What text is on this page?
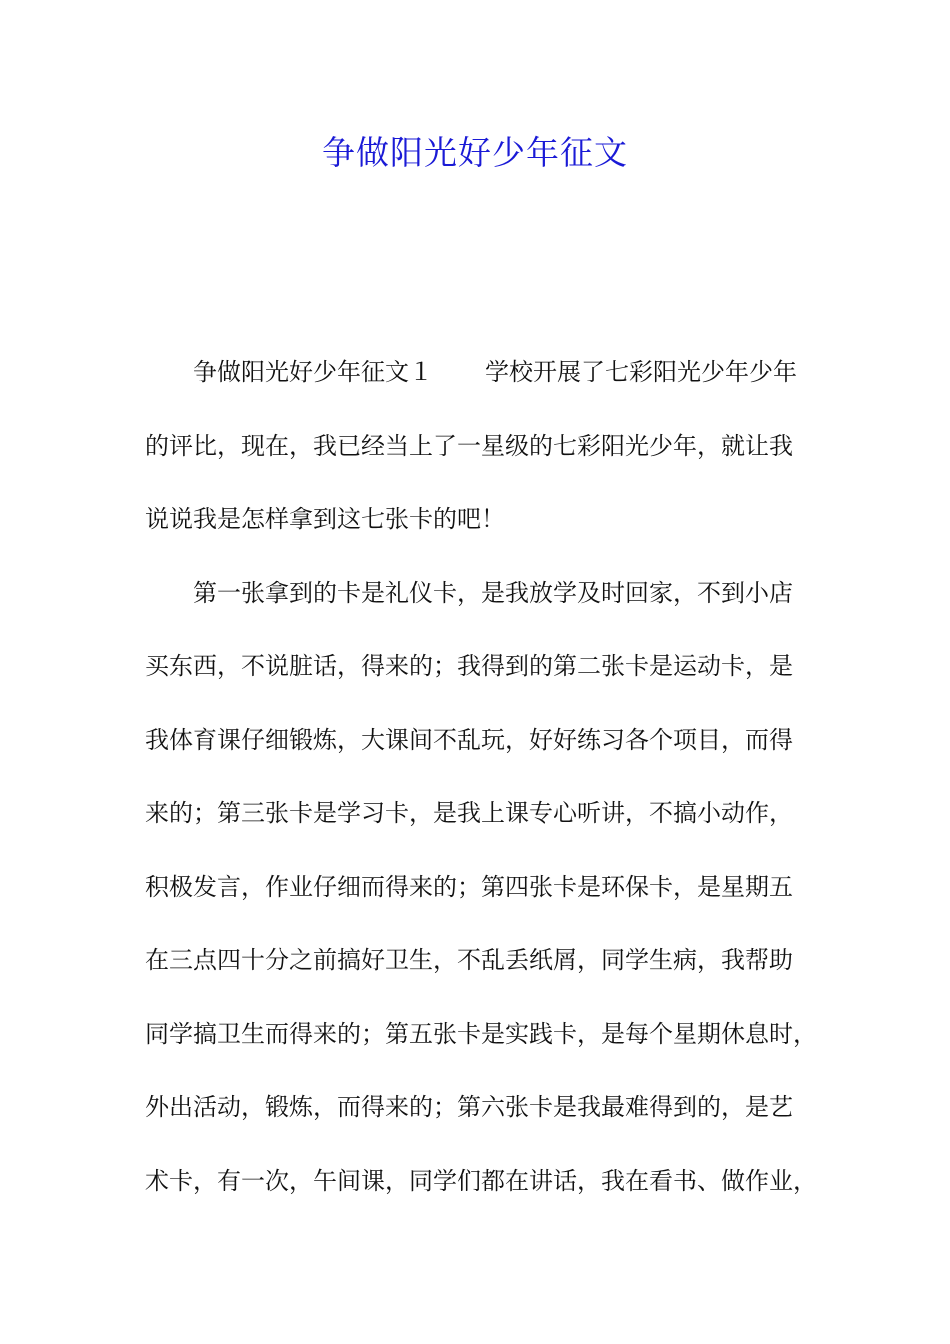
争做阳光好少年征文
争做阳光好少年征文１ 学校开展了七彩阳光少年少年
的评比，现在，我已经当上了一星级的七彩阳光少年，就让我
说说我是怎样拿到这七张卡的吧！
第一张拿到的卡是礼仪卡，是我放学及时回家，不到小店
买东西，不说脏话，得来的；我得到的第二张卡是运动卡，是
我体育课仔细锻炼，大课间不乱玩，好好练习各个项目，而得
来的；第三张卡是学习卡，是我上课专心听讲，不搞小动作，
积极发言，作业仔细而得来的；第四张卡是环保卡，是星期五
在三点四十分之前搞好卫生，不乱丢纸屑，同学生病，我帮助
同学搞卫生而得来的；第五张卡是实践卡，是每个星期休息时，
外出活动，锻炼，而得来的；第六张卡是我最难得到的，是艺
术卡，有一次，午间课，同学们都在讲话，我在看书、做作业，
